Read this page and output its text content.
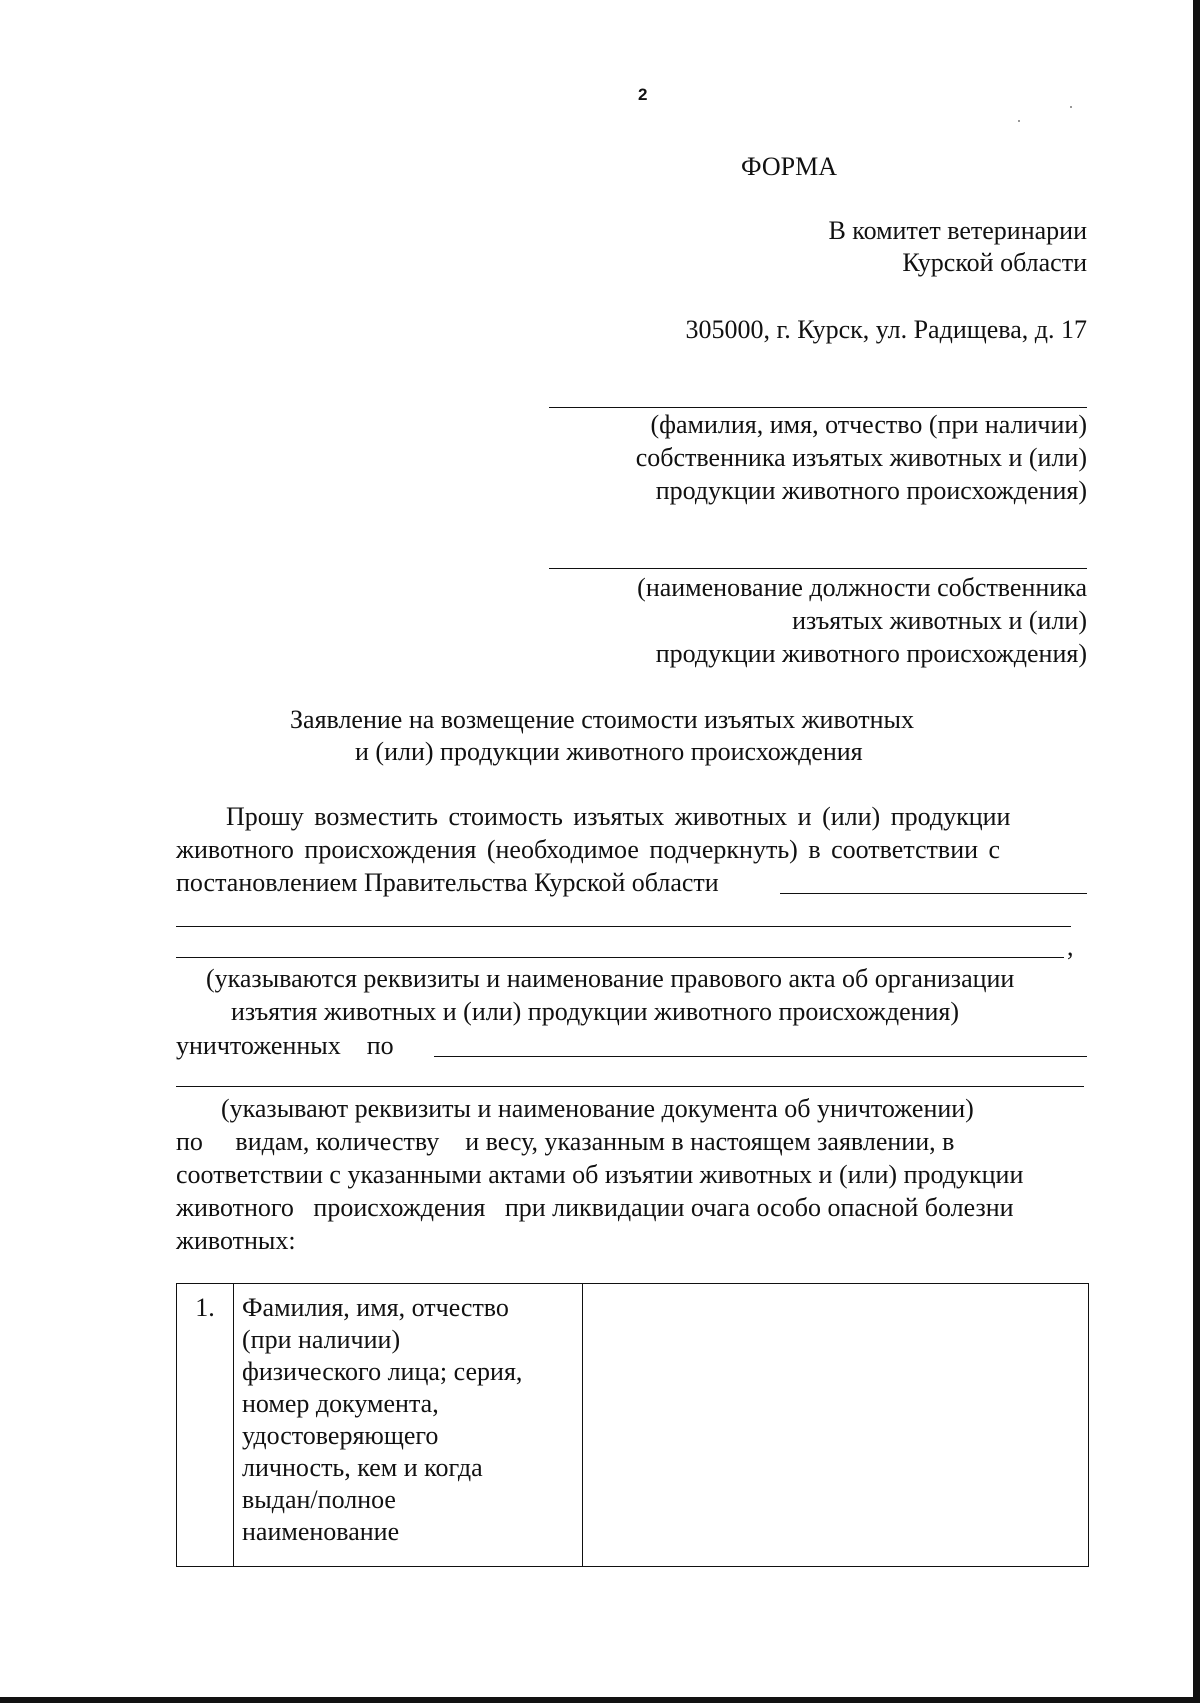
2
ФОРМА
В комитет ветеринарии
Курской области
305000, г. Курск, ул. Радищева, д. 17
(фамилия, имя, отчество (при наличии)
собственника изъятых животных и (или)
продукции животного происхождения)
(наименование должности собственника
изъятых животных и (или)
продукции животного происхождения)
Заявление на возмещение стоимости изъятых животных
и (или) продукции животного происхождения
Прошу возместить стоимость изъятых животных и (или) продукции
животного происхождения (необходимое подчеркнуть) в соответствии с
постановлением Правительства Курской области
,
(указываются реквизиты и наименование правового акта об организации
изъятия животных и (или) продукции животного происхождения)
уничтоженных    по
(указывают реквизиты и наименование документа об уничтожении)
по     видам, количеству    и весу, указанным в настоящем заявлении, в
соответствии с указанными актами об изъятии животных и (или) продукции
животного   происхождения   при ликвидации очага особо опасной болезни
животных:
1.	Фамилия, имя, отчество
(при наличии)
физического лица; серия,
номер документа,
удостоверяющего
личность, кем и когда
выдан/полное
наименование
